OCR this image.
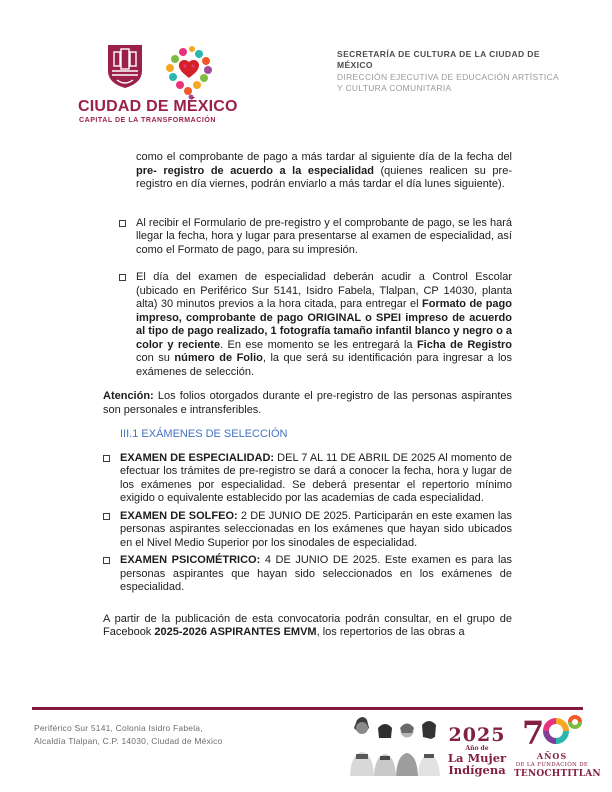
CIUDAD DE MÉXICO
CAPITAL DE LA TRANSFORMACIÓN
SECRETARÍA DE CULTURA DE LA CIUDAD DE MÉXICO
DIRECCIÓN EJECUTIVA DE EDUCACIÓN ARTÍSTICA Y CULTURA COMUNITARIA

como el comprobante de pago a más tardar al siguiente día de la fecha del pre- registro de acuerdo a la especialidad (quienes realicen su pre-registro en día viernes, podrán enviarlo a más tardar el día lunes siguiente).

Al recibir el Formulario de pre-registro y el comprobante de pago, se les hará llegar la fecha, hora y lugar para presentarse al examen de especialidad, así como el Formato de pago, para su impresión.
El día del examen de especialidad deberán acudir a Control Escolar (ubicado en Periférico Sur 5141, Isidro Fabela, Tlalpan, CP 14030, planta alta) 30 minutos previos a la hora citada, para entregar el Formato de pago impreso, comprobante de pago ORIGINAL o SPEI impreso de acuerdo al tipo de pago realizado, 1 fotografía tamaño infantil blanco y negro o a color y reciente. En ese momento se les entregará la Ficha de Registro con su número de Folio, la que será su identificación para ingresar a los exámenes de selección.

Atención: Los folios otorgados durante el pre-registro de las personas aspirantes son personales e intransferibles.

III.1 EXÁMENES DE SELECCIÓN

EXAMEN DE ESPECIALIDAD: DEL 7 AL 11 DE ABRIL DE 2025 Al momento de efectuar los trámites de pre-registro se dará a conocer la fecha, hora y lugar de los exámenes por especialidad. Se deberá presentar el repertorio mínimo exigido o equivalente establecido por las academias de cada especialidad.
EXAMEN DE SOLFEO: 2 DE JUNIO DE 2025. Participarán en este examen las personas aspirantes seleccionadas en los exámenes que hayan sido ubicados en el Nivel Medio Superior por los sinodales de especialidad.
EXAMEN PSICOMÉTRICO: 4 DE JUNIO DE 2025. Este examen es para las personas aspirantes que hayan sido seleccionados en los exámenes de especialidad.

A partir de la publicación de esta convocatoria podrán consultar, en el grupo de Facebook 2025-2026 ASPIRANTES EMVM, los repertorios de las obras a

Periférico Sur 5141, Colonia Isidro Fabela,
Alcaldía Tlalpan, C.P. 14030, Ciudad de México	2025
Año de
La Mujer
Indígena
7
AÑOS
DE LA FUNDACIÓN DE
TENOCHTITLAN
